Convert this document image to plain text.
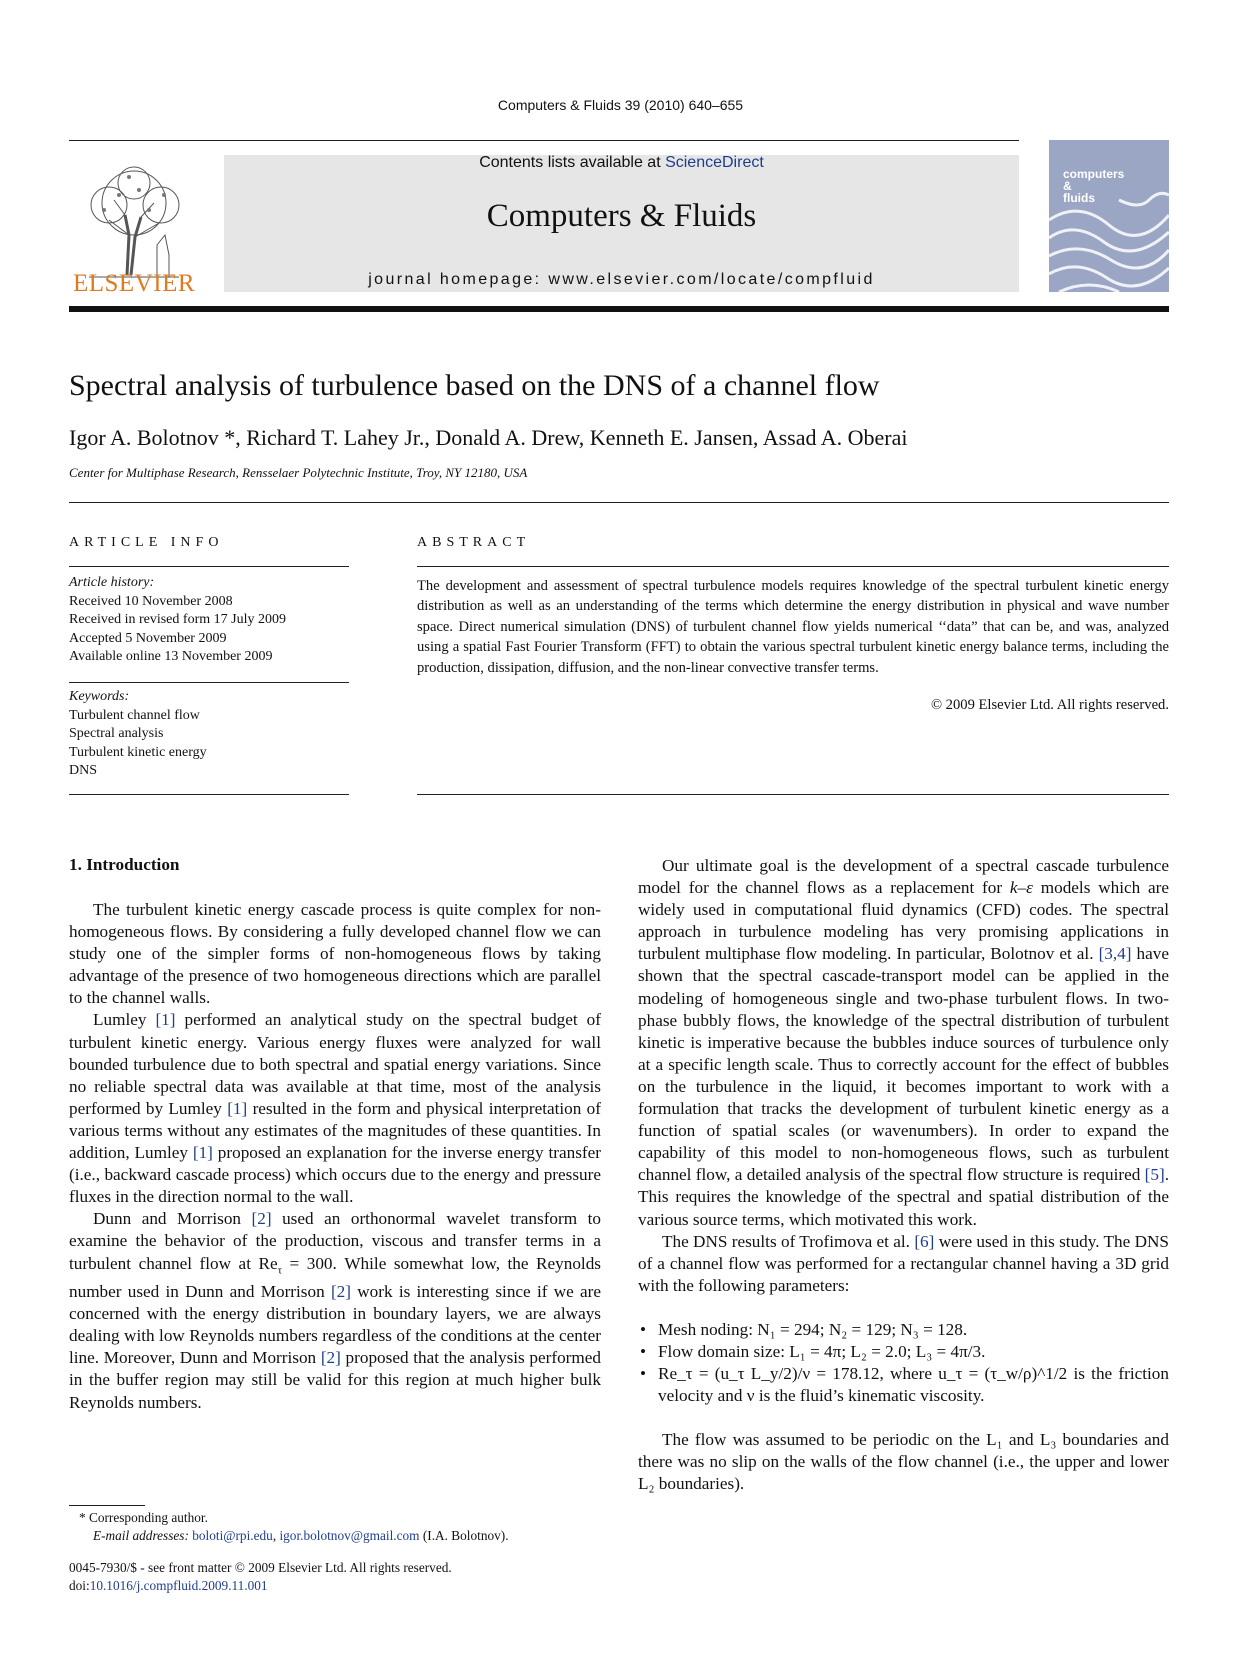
Computers & Fluids 39 (2010) 640–655
ELSEVIER
Contents lists available at ScienceDirect
Computers & Fluids
journal homepage: www.elsevier.com/locate/compfluid
computers
&
fluids
Spectral analysis of turbulence based on the DNS of a channel flow
Igor A. Bolotnov *, Richard T. Lahey Jr., Donald A. Drew, Kenneth E. Jansen, Assad A. Oberai
Center for Multiphase Research, Rensselaer Polytechnic Institute, Troy, NY 12180, USA
ARTICLE INFO	ABSTRACT
Article history:
Received 10 November 2008
Received in revised form 17 July 2009
Accepted 5 November 2009
Available online 13 November 2009
Keywords:
Turbulent channel flow
Spectral analysis
Turbulent kinetic energy
DNS
The development and assessment of spectral turbulence models requires knowledge of the spectral turbulent kinetic energy distribution as well as an understanding of the terms which determine the energy distribution in physical and wave number space. Direct numerical simulation (DNS) of turbulent channel flow yields numerical ‘‘data” that can be, and was, analyzed using a spatial Fast Fourier Transform (FFT) to obtain the various spectral turbulent kinetic energy balance terms, including the production, dissipation, diffusion, and the non-linear convective transfer terms.
© 2009 Elsevier Ltd. All rights reserved.
1. Introduction

The turbulent kinetic energy cascade process is quite complex for non-homogeneous flows. By considering a fully developed channel flow we can study one of the simpler forms of non-homogeneous flows by taking advantage of the presence of two homogeneous directions which are parallel to the channel walls.

Lumley [1] performed an analytical study on the spectral budget of turbulent kinetic energy. Various energy fluxes were analyzed for wall bounded turbulence due to both spectral and spatial energy variations. Since no reliable spectral data was available at that time, most of the analysis performed by Lumley [1] resulted in the form and physical interpretation of various terms without any estimates of the magnitudes of these quantities. In addition, Lumley [1] proposed an explanation for the inverse energy transfer (i.e., backward cascade process) which occurs due to the energy and pressure fluxes in the direction normal to the wall.

Dunn and Morrison [2] used an orthonormal wavelet transform to examine the behavior of the production, viscous and transfer terms in a turbulent channel flow at $Re_\tau = 300$. While somewhat low, the Reynolds number used in Dunn and Morrison [2] work is interesting since if we are concerned with the energy distribution in boundary layers, we are always dealing with low Reynolds numbers regardless of the conditions at the center line. Moreover, Dunn and Morrison [2] proposed that the analysis performed in the buffer region may still be valid for this region at much higher bulk Reynolds numbers.

Our ultimate goal is the development of a spectral cascade turbulence model for the channel flows as a replacement for k–ε models which are widely used in computational fluid dynamics (CFD) codes. The spectral approach in turbulence modeling has very promising applications in turbulent multiphase flow modeling. In particular, Bolotnov et al. [3,4] have shown that the spectral cascade-transport model can be applied in the modeling of homogeneous single and two-phase turbulent flows. In two-phase bubbly flows, the knowledge of the spectral distribution of turbulent kinetic is imperative because the bubbles induce sources of turbulence only at a specific length scale. Thus to correctly account for the effect of bubbles on the turbulence in the liquid, it becomes important to work with a formulation that tracks the development of turbulent kinetic energy as a function of spatial scales (or wavenumbers). In order to expand the capability of this model to non-homogeneous flows, such as turbulent channel flow, a detailed analysis of the spectral flow structure is required [5]. This requires the knowledge of the spectral and spatial distribution of the various source terms, which motivated this work.

The DNS results of Trofimova et al. [6] were used in this study. The DNS of a channel flow was performed for a rectangular channel having a 3D grid with the following parameters:

• Mesh noding: N₁ = 294; N₂ = 129; N₃ = 128.
• Flow domain size: L₁ = 4π; L₂ = 2.0; L₃ = 4π/3.
• Re_τ = (u_τ L_y/2)/ν = 178.12, where u_τ = (τ_w/ρ)^1/2 is the friction velocity and ν is the fluid’s kinematic viscosity.

The flow was assumed to be periodic on the L₁ and L₃ boundaries and there was no slip on the walls of the flow channel (i.e., the upper and lower L₂ boundaries).

* Corresponding author.
E-mail addresses: boloti@rpi.edu, igor.bolotnov@gmail.com (I.A. Bolotnov).
0045-7930/$ - see front matter © 2009 Elsevier Ltd. All rights reserved.
doi:10.1016/j.compfluid.2009.11.001
